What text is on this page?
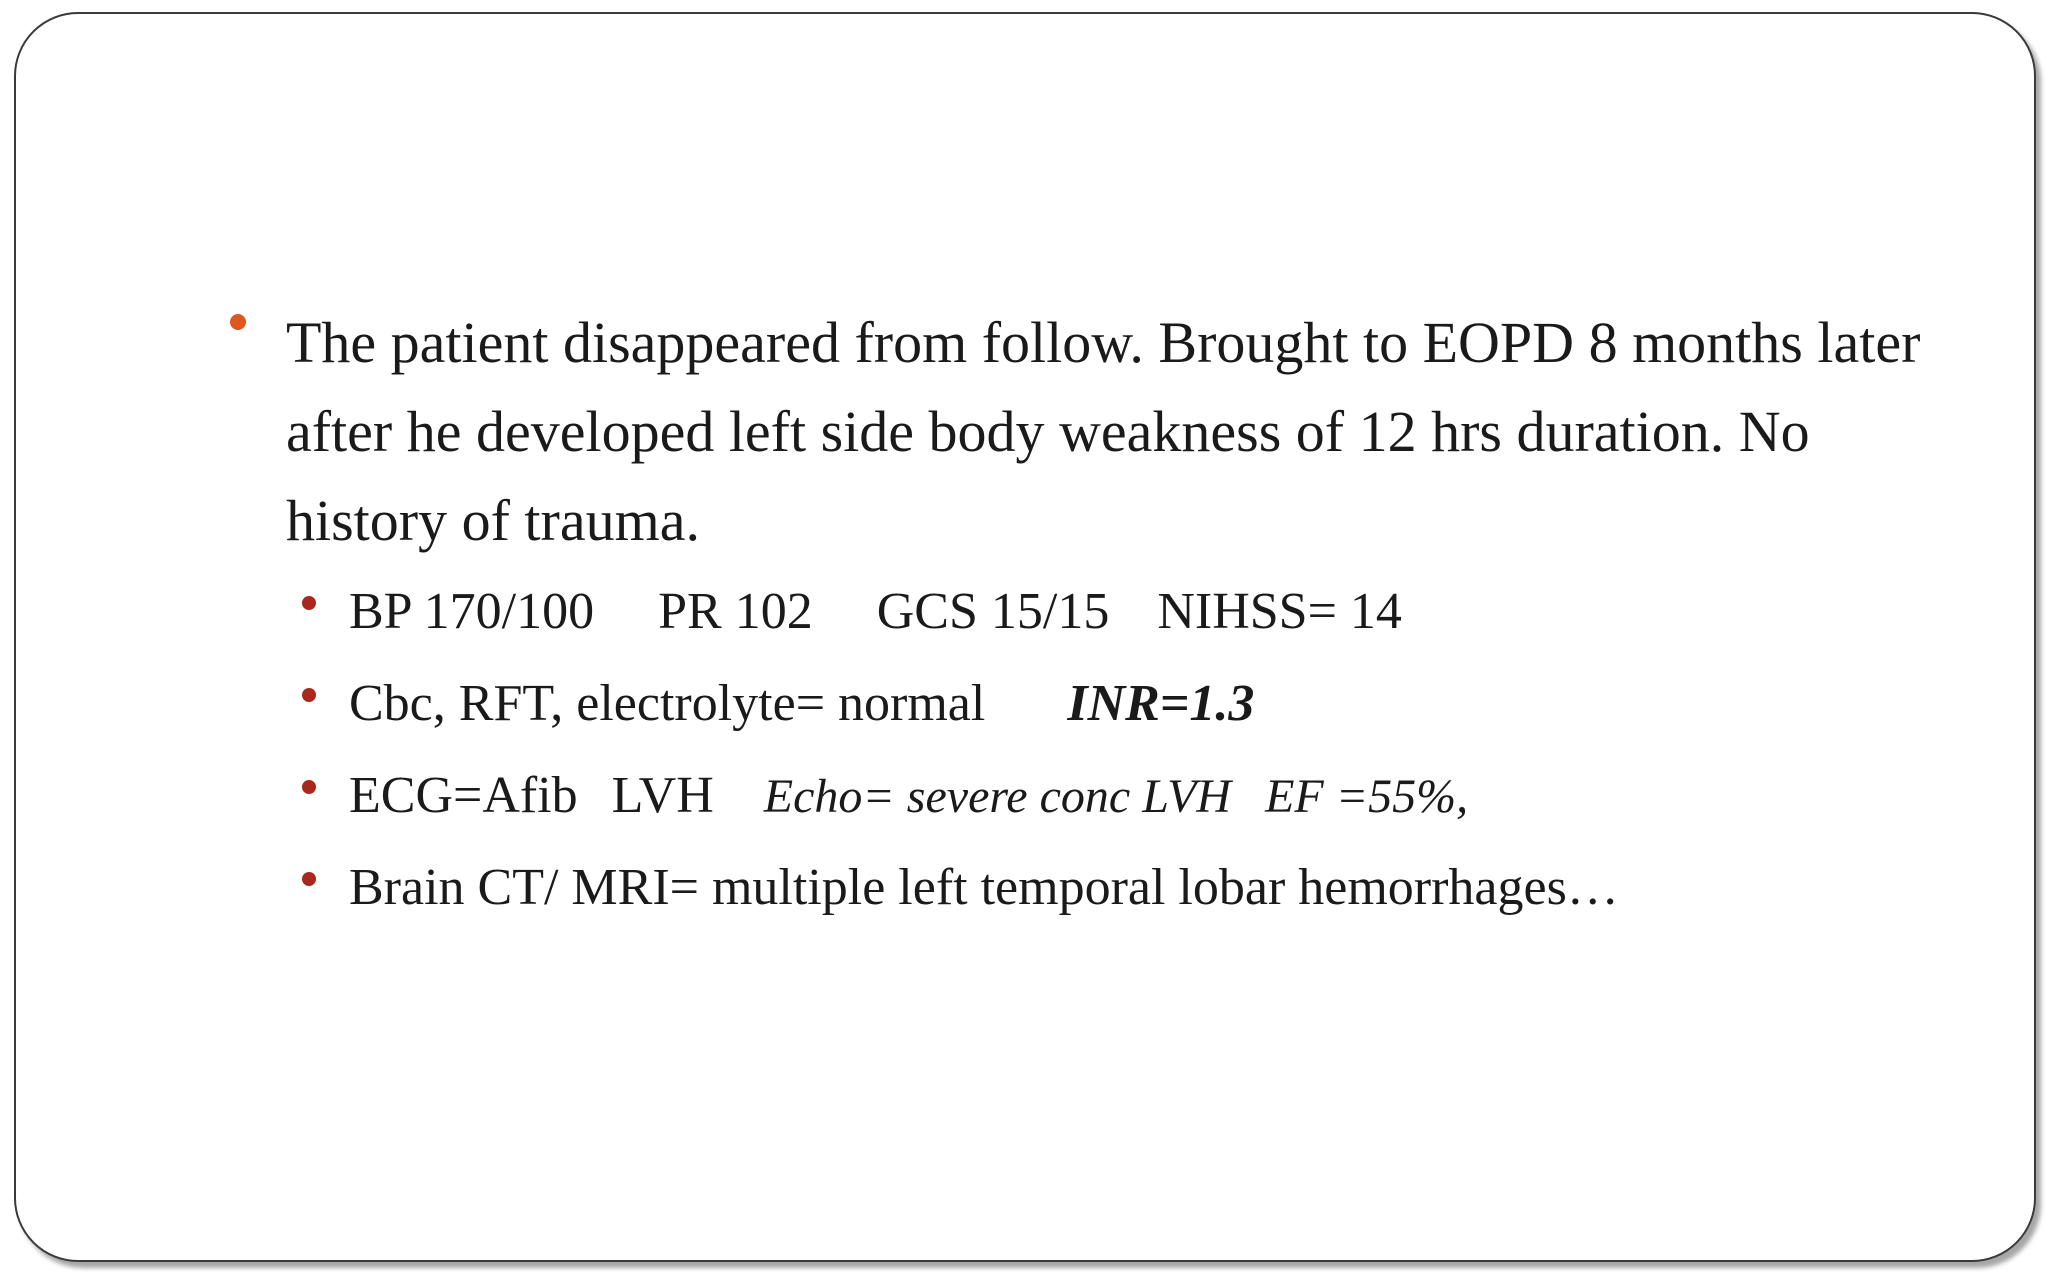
The patient disappeared from follow. Brought to EOPD 8 months later after he developed left side body weakness of 12 hrs duration. No history of trauma.
BP 170/100 PR 102 GCS 15/15 NIHSS= 14
Cbc, RFT, electrolyte= normal INR=1.3
ECG=Afib LVH Echo= severe conc LVH EF =55%,
Brain CT/ MRI= multiple left temporal lobar hemorrhages…
